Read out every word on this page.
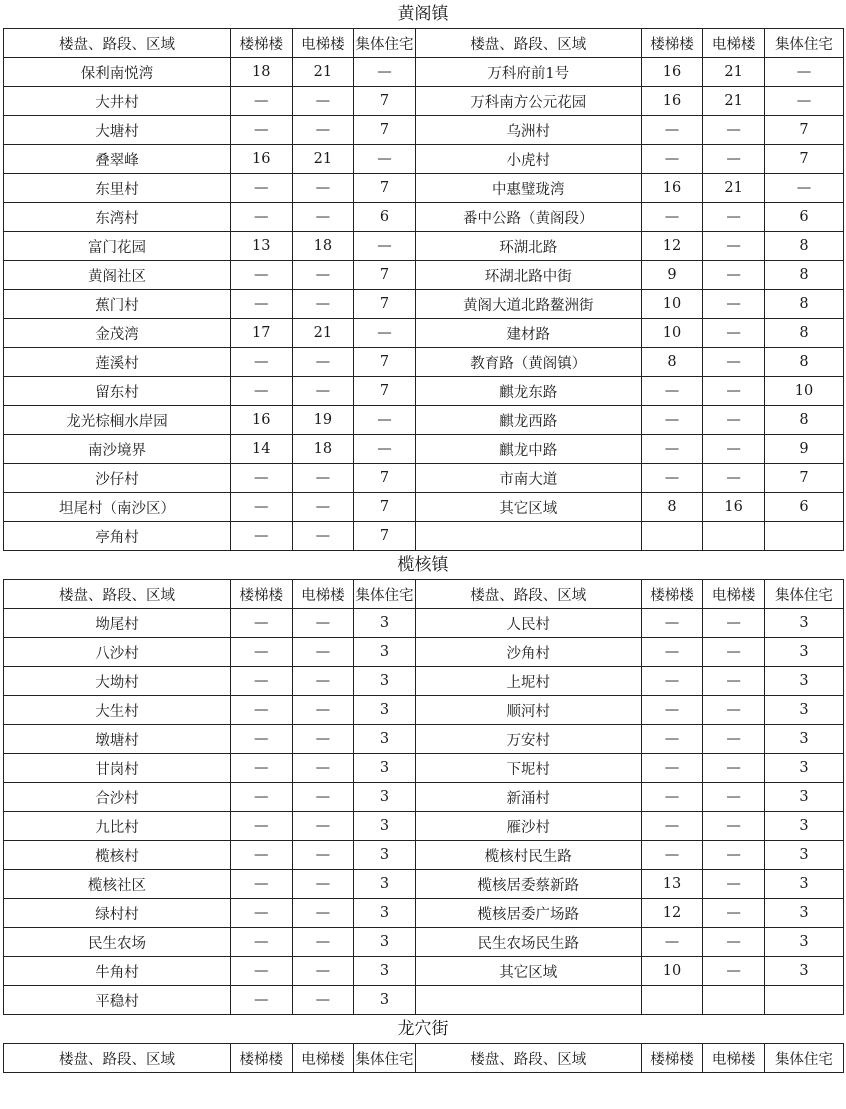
黄阁镇
楼盘、路段、区域	楼梯楼	电梯楼	集体住宅	楼盘、路段、区域	楼梯楼	电梯楼	集体住宅
保利南悦湾	18	21	—	万科府前1号	16	21	—
大井村	—	—	7	万科南方公元花园	16	21	—
大塘村	—	—	7	乌洲村	—	—	7
叠翠峰	16	21	—	小虎村	—	—	7
东里村	—	—	7	中惠璧珑湾	16	21	—
东湾村	—	—	6	番中公路（黄阁段）	—	—	6
富门花园	13	18	—	环湖北路	12	—	8
黄阁社区	—	—	7	环湖北路中街	9	—	8
蕉门村	—	—	7	黄阁大道北路鳌洲街	10	—	8
金茂湾	17	21	—	建材路	10	—	8
莲溪村	—	—	7	教育路（黄阁镇）	8	—	8
留东村	—	—	7	麒龙东路	—	—	10
龙光棕榈水岸园	16	19	—	麒龙西路	—	—	8
南沙境界	14	18	—	麒龙中路	—	—	9
沙仔村	—	—	7	市南大道	—	—	7
坦尾村（南沙区）	—	—	7	其它区域	8	16	6
亭角村	—	—	7				
榄核镇
楼盘、路段、区域	楼梯楼	电梯楼	集体住宅	楼盘、路段、区域	楼梯楼	电梯楼	集体住宅
坳尾村	—	—	3	人民村	—	—	3
八沙村	—	—	3	沙角村	—	—	3
大坳村	—	—	3	上坭村	—	—	3
大生村	—	—	3	顺河村	—	—	3
墩塘村	—	—	3	万安村	—	—	3
甘岗村	—	—	3	下坭村	—	—	3
合沙村	—	—	3	新涌村	—	—	3
九比村	—	—	3	雁沙村	—	—	3
榄核村	—	—	3	榄核村民生路	—	—	3
榄核社区	—	—	3	榄核居委蔡新路	13	—	3
绿村村	—	—	3	榄核居委广场路	12	—	3
民生农场	—	—	3	民生农场民生路	—	—	3
牛角村	—	—	3	其它区域	10	—	3
平稳村	—	—	3				
龙穴街
楼盘、路段、区域	楼梯楼	电梯楼	集体住宅	楼盘、路段、区域	楼梯楼	电梯楼	集体住宅
